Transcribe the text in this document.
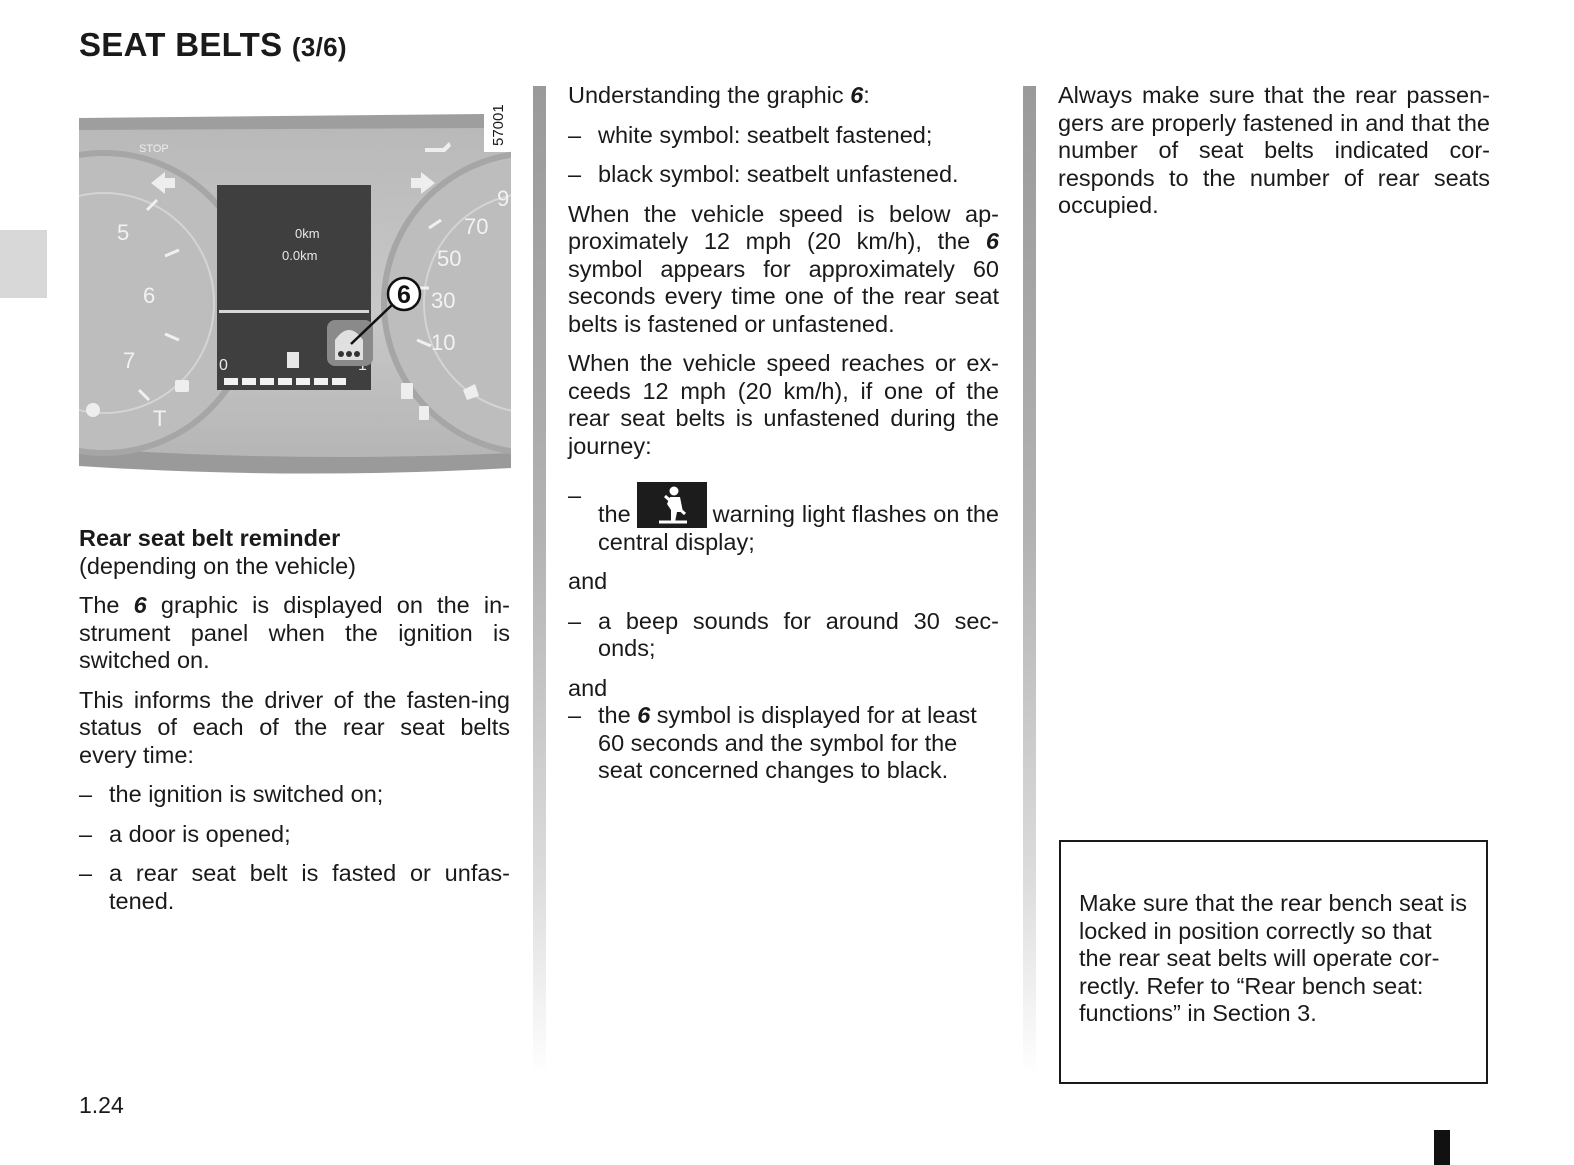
SEAT BELTS (3/6)
5
6
7
70
50
30
10
9
T
STOP
0km
0.0km
0
6
57001

Rear seat belt reminder
(depending on the vehicle)

The 6 graphic is displayed on the in-strument panel when the ignition is switched on.

This informs the driver of the fasten-ing status of each of the rear seat belts every time:

– the ignition is switched on;

– a door is opened;

– a rear seat belt is fasted or unfas-tened.

Understanding the graphic 6:

– white symbol: seatbelt fastened;

– black symbol: seatbelt unfastened.

When the vehicle speed is below ap-proximately 12 mph (20 km/h), the 6 symbol appears for approximately 60 seconds every time one of the rear seat belts is fastened or unfastened.

When the vehicle speed reaches or ex-ceeds 12 mph (20 km/h), if one of the rear seat belts is unfastened during the journey:

– the	warning light flashes on the central display;

and

– a beep sounds for around 30 sec-onds;

and

– the 6 symbol is displayed for at least 60 seconds and the symbol for the seat concerned changes to black.

Always make sure that the rear passen-gers are properly fastened in and that the number of seat belts indicated cor-responds to the number of rear seats occupied.

Make sure that the rear bench seat is locked in position correctly so that the rear seat belts will operate cor-rectly. Refer to “Rear bench seat: functions” in Section 3.
1.24
